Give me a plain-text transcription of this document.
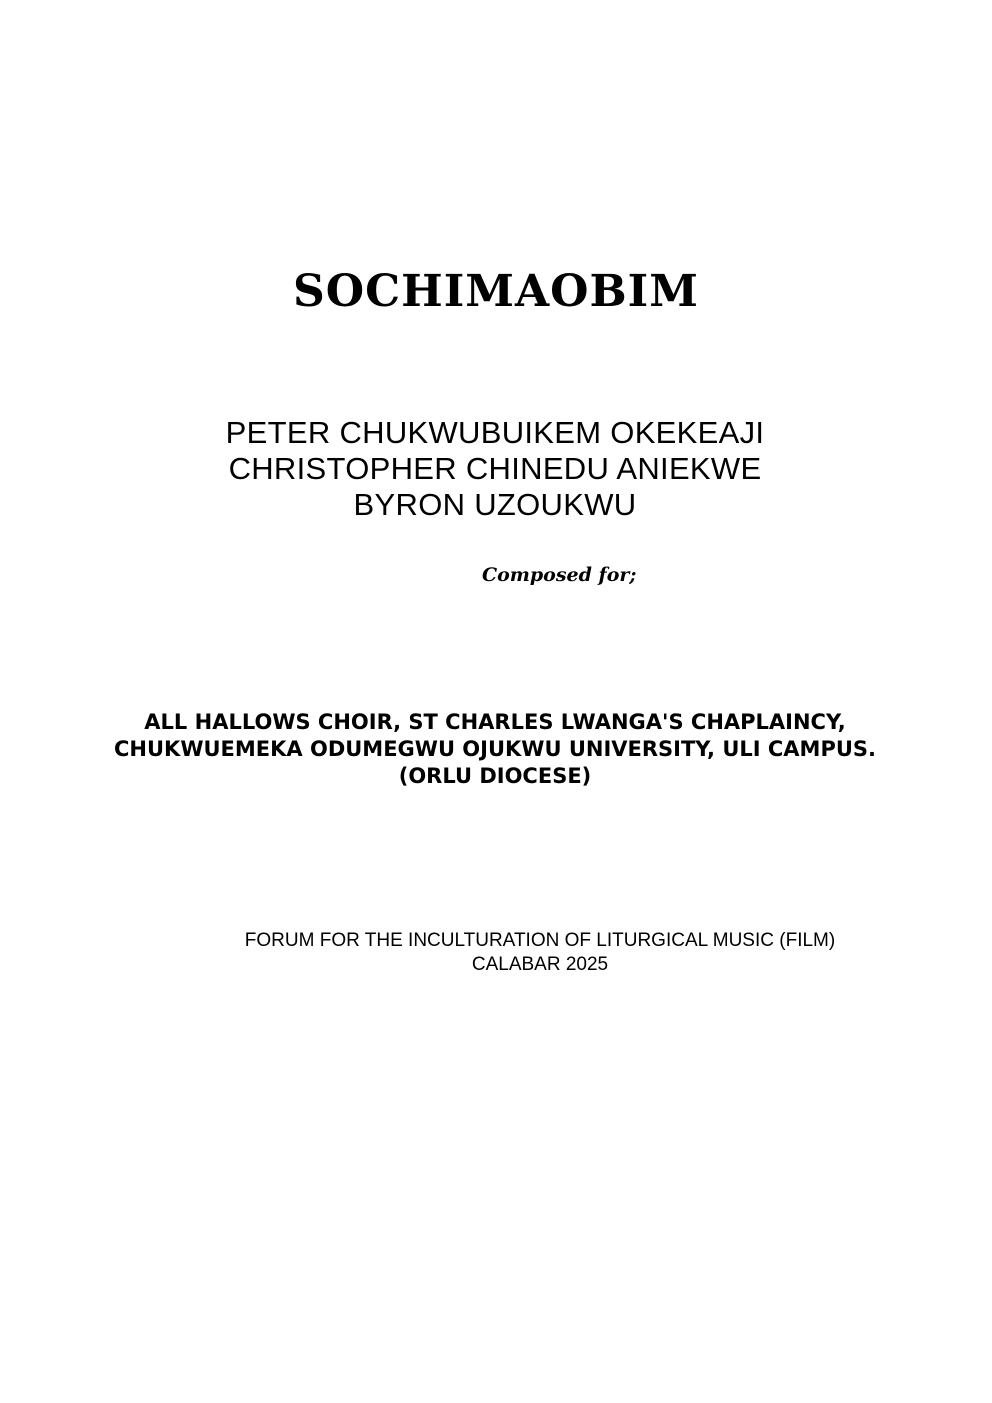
SOCHIMAOBIM
PETER CHUKWUBUIKEM OKEKEAJI
CHRISTOPHER CHINEDU ANIEKWE
BYRON UZOUKWU
Composed for;
ALL HALLOWS CHOIR, ST CHARLES LWANGA'S CHAPLAINCY,
CHUKWUEMEKA ODUMEGWU OJUKWU UNIVERSITY, ULI CAMPUS.
(ORLU DIOCESE)
FORUM FOR THE INCULTURATION OF LITURGICAL MUSIC (FILM)
CALABAR 2025
